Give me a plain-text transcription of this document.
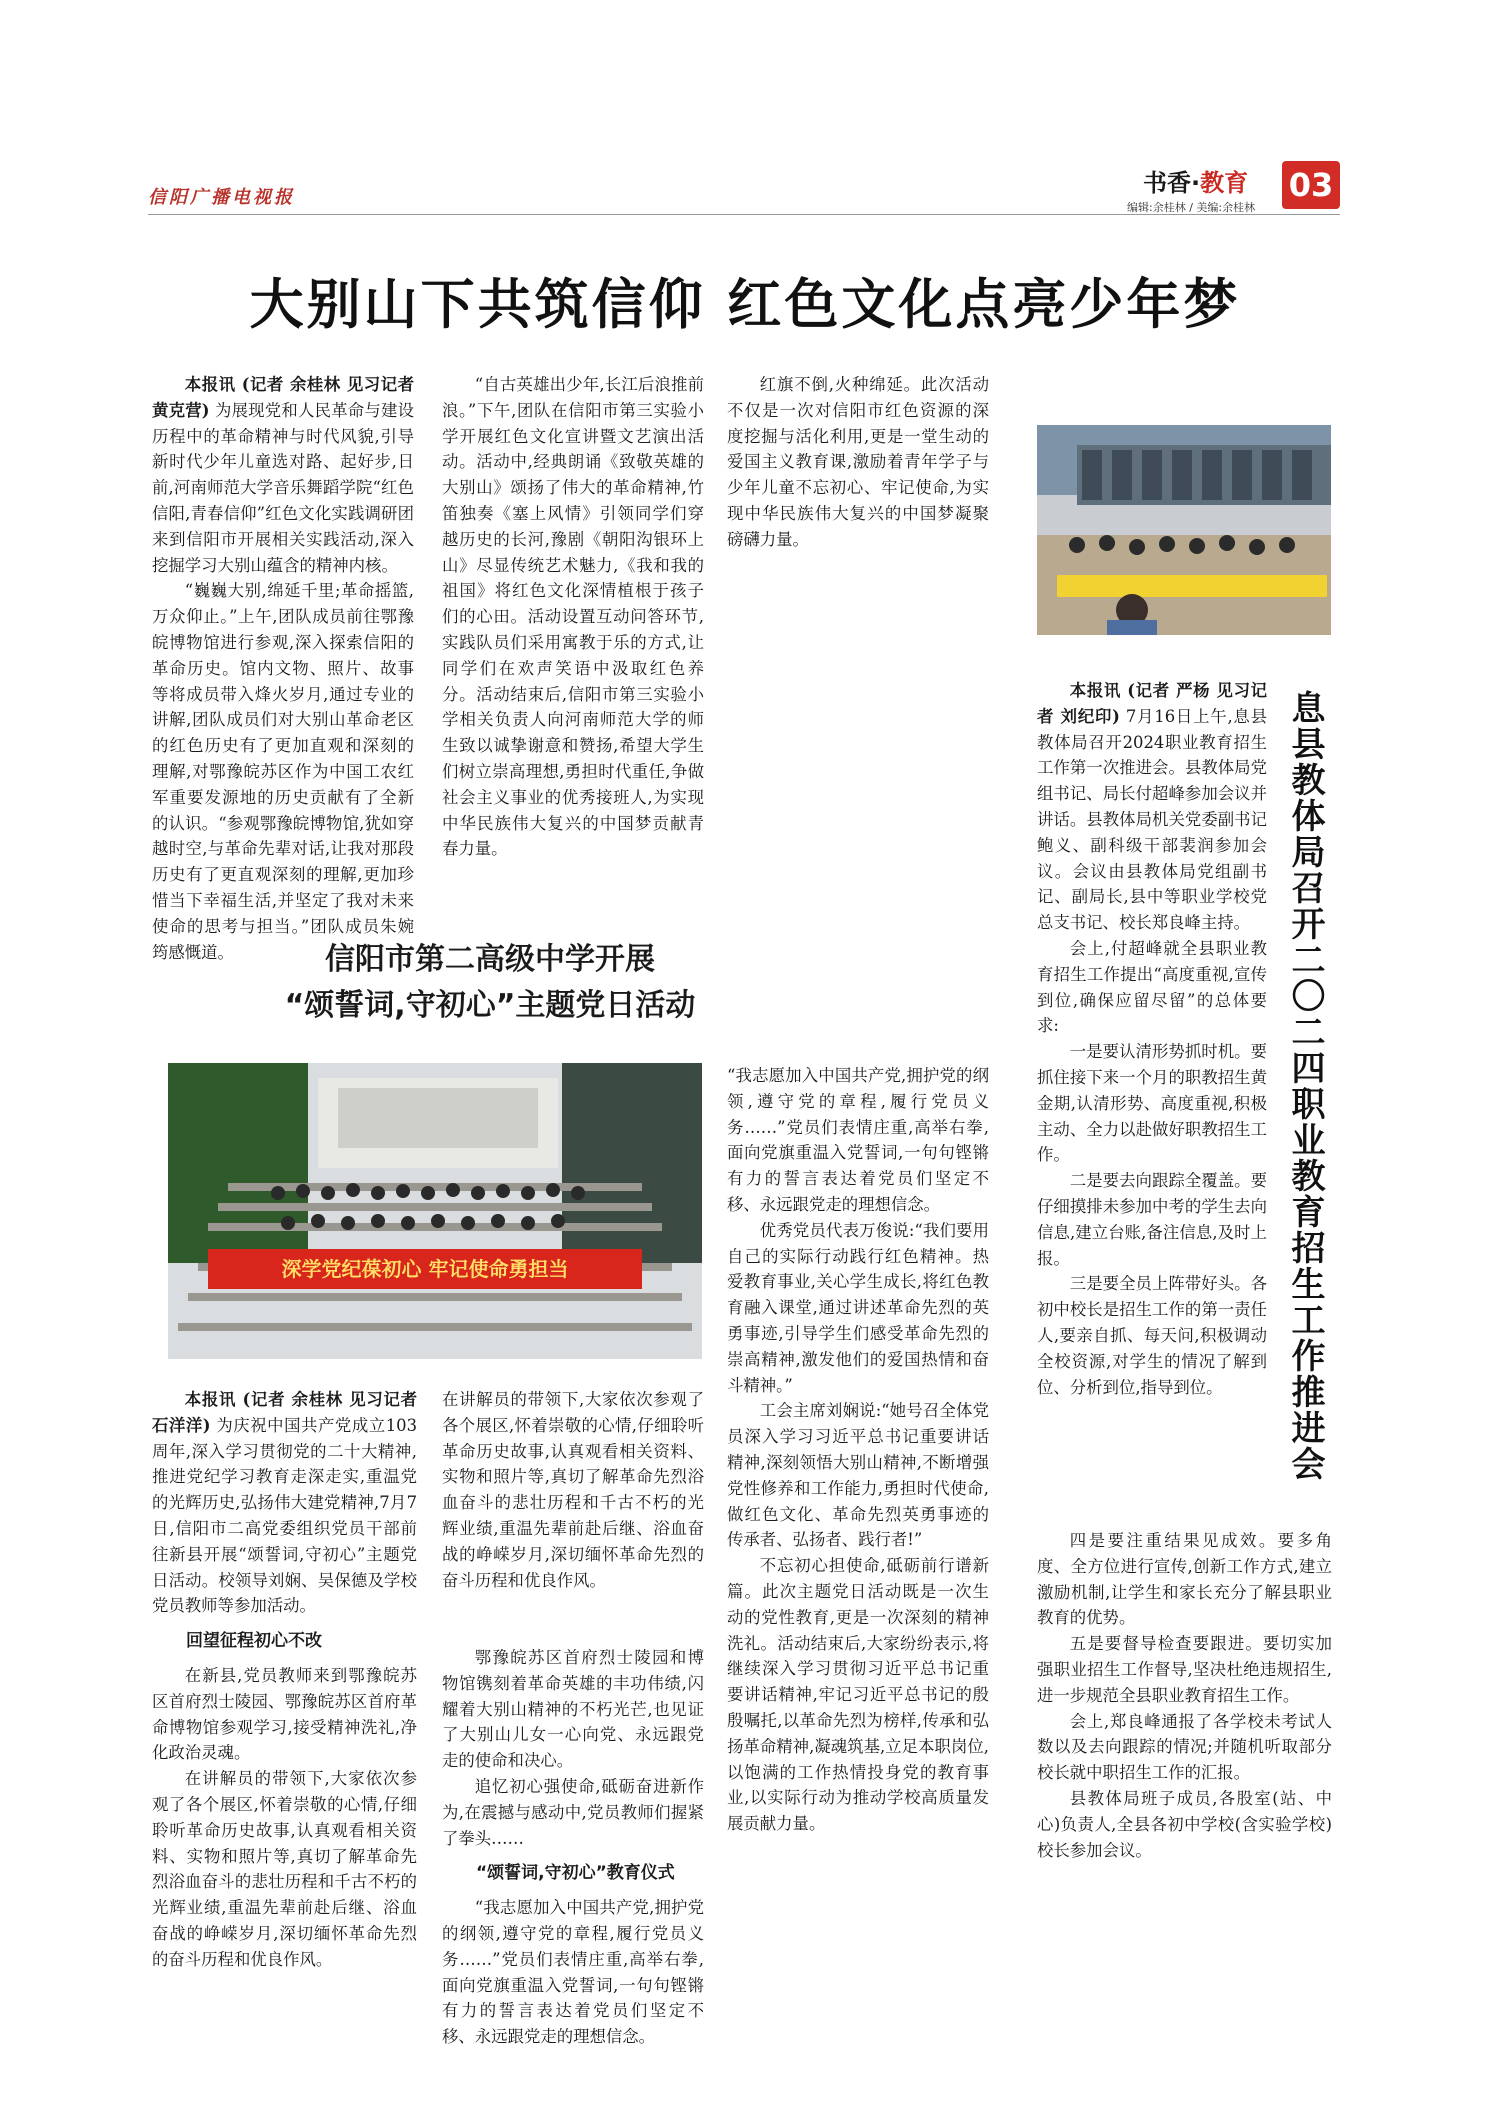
信阳广播电视报
书香·教育
编辑:余桂林 / 美编:余桂林
03
大别山下共筑信仰 红色文化点亮少年梦

本报讯 (记者 余桂林 见习记者 黄克营) 为展现党和人民革命与建设历程中的革命精神与时代风貌,引导新时代少年儿童选对路、起好步,日前,河南师范大学音乐舞蹈学院“红色信阳,青春信仰”红色文化实践调研团来到信阳市开展相关实践活动,深入挖掘学习大别山蕴含的精神内核。

“巍巍大别,绵延千里;革命摇篮,万众仰止。”上午,团队成员前往鄂豫皖博物馆进行参观,深入探索信阳的革命历史。馆内文物、照片、故事等将成员带入烽火岁月,通过专业的讲解,团队成员们对大别山革命老区的红色历史有了更加直观和深刻的理解,对鄂豫皖苏区作为中国工农红军重要发源地的历史贡献有了全新的认识。“参观鄂豫皖博物馆,犹如穿越时空,与革命先辈对话,让我对那段历史有了更直观深刻的理解,更加珍惜当下幸福生活,并坚定了我对未来使命的思考与担当。”团队成员朱婉筠感慨道。

“自古英雄出少年,长江后浪推前浪。”下午,团队在信阳市第三实验小学开展红色文化宣讲暨文艺演出活动。活动中,经典朗诵《致敬英雄的大别山》颂扬了伟大的革命精神,竹笛独奏《塞上风情》引领同学们穿越历史的长河,豫剧《朝阳沟银环上山》尽显传统艺术魅力,《我和我的祖国》将红色文化深情植根于孩子们的心田。活动设置互动问答环节,实践队员们采用寓教于乐的方式,让同学们在欢声笑语中汲取红色养分。活动结束后,信阳市第三实验小学相关负责人向河南师范大学的师生致以诚挚谢意和赞扬,希望大学生们树立崇高理想,勇担时代重任,争做社会主义事业的优秀接班人,为实现中华民族伟大复兴的中国梦贡献青春力量。

红旗不倒,火种绵延。此次活动不仅是一次对信阳市红色资源的深度挖掘与活化利用,更是一堂生动的爱国主义教育课,激励着青年学子与少年儿童不忘初心、牢记使命,为实现中华民族伟大复兴的中国梦凝聚磅礴力量。

息县教体局召开二〇二四职业教育招生工作推进会

本报讯 (记者 严杨 见习记者 刘纪印) 7月16日上午,息县教体局召开2024职业教育招生工作第一次推进会。县教体局党组书记、局长付超峰参加会议并讲话。县教体局机关党委副书记鲍义、副科级干部裴润参加会议。会议由县教体局党组副书记、副局长,县中等职业学校党总支书记、校长郑良峰主持。

会上,付超峰就全县职业教育招生工作提出“高度重视,宣传到位,确保应留尽留”的总体要求:

一是要认清形势抓时机。要抓住接下来一个月的职教招生黄金期,认清形势、高度重视,积极主动、全力以赴做好职教招生工作。

二是要去向跟踪全覆盖。要仔细摸排未参加中考的学生去向信息,建立台账,备注信息,及时上报。

三是要全员上阵带好头。各初中校长是招生工作的第一责任人,要亲自抓、每天问,积极调动全校资源,对学生的情况了解到位、分析到位,指导到位。

四是要注重结果见成效。要多角度、全方位进行宣传,创新工作方式,建立激励机制,让学生和家长充分了解县职业教育的优势。

五是要督导检查要跟进。要切实加强职业招生工作督导,坚决杜绝违规招生,进一步规范全县职业教育招生工作。

会上,郑良峰通报了各学校未考试人数以及去向跟踪的情况;并随机听取部分校长就中职招生工作的汇报。

县教体局班子成员,各股室(站、中心)负责人,全县各初中学校(含实验学校)校长参加会议。

信阳市第二高级中学开展
“颂誓词,守初心”主题党日活动
深学党纪葆初心 牢记使命勇担当

本报讯 (记者 余桂林 见习记者 石洋洋) 为庆祝中国共产党成立103周年,深入学习贯彻党的二十大精神,推进党纪学习教育走深走实,重温党的光辉历史,弘扬伟大建党精神,7月7日,信阳市二高党委组织党员干部前往新县开展“颂誓词,守初心”主题党日活动。校领导刘娴、吴保德及学校党员教师等参加活动。

回望征程初心不改

在新县,党员教师来到鄂豫皖苏区首府烈士陵园、鄂豫皖苏区首府革命博物馆参观学习,接受精神洗礼,净化政治灵魂。

在讲解员的带领下,大家依次参观了各个展区,怀着崇敬的心情,仔细聆听革命历史故事,认真观看相关资料、实物和照片等,真切了解革命先烈浴血奋斗的悲壮历程和千古不朽的光辉业绩,重温先辈前赴后继、浴血奋战的峥嵘岁月,深切缅怀革命先烈的奋斗历程和优良作风。

在讲解员的带领下,大家依次参观了各个展区,怀着崇敬的心情,仔细聆听革命历史故事,认真观看相关资料、实物和照片等,真切了解革命先烈浴血奋斗的悲壮历程和千古不朽的光辉业绩,重温先辈前赴后继、浴血奋战的峥嵘岁月,深切缅怀革命先烈的奋斗历程和优良作风。

鄂豫皖苏区首府烈士陵园和博物馆镌刻着革命英雄的丰功伟绩,闪耀着大别山精神的不朽光芒,也见证了大别山儿女一心向党、永远跟党走的使命和决心。

追忆初心强使命,砥砺奋进新作为,在震撼与感动中,党员教师们握紧了拳头……

“颂誓词,守初心”教育仪式

“我志愿加入中国共产党,拥护党的纲领,遵守党的章程,履行党员义务……”党员们表情庄重,高举右拳,面向党旗重温入党誓词,一句句铿锵有力的誓言表达着党员们坚定不移、永远跟党走的理想信念。

“我志愿加入中国共产党,拥护党的纲领,遵守党的章程,履行党员义务……”党员们表情庄重,高举右拳,面向党旗重温入党誓词,一句句铿锵有力的誓言表达着党员们坚定不移、永远跟党走的理想信念。

优秀党员代表万俊说:“我们要用自己的实际行动践行红色精神。热爱教育事业,关心学生成长,将红色教育融入课堂,通过讲述革命先烈的英勇事迹,引导学生们感受革命先烈的崇高精神,激发他们的爱国热情和奋斗精神。”

工会主席刘娴说:“她号召全体党员深入学习习近平总书记重要讲话精神,深刻领悟大别山精神,不断增强党性修养和工作能力,勇担时代使命,做红色文化、革命先烈英勇事迹的传承者、弘扬者、践行者!”

不忘初心担使命,砥砺前行谱新篇。此次主题党日活动既是一次生动的党性教育,更是一次深刻的精神洗礼。活动结束后,大家纷纷表示,将继续深入学习贯彻习近平总书记重要讲话精神,牢记习近平总书记的殷殷嘱托,以革命先烈为榜样,传承和弘扬革命精神,凝魂筑基,立足本职岗位,以饱满的工作热情投身党的教育事业,以实际行动为推动学校高质量发展贡献力量。
